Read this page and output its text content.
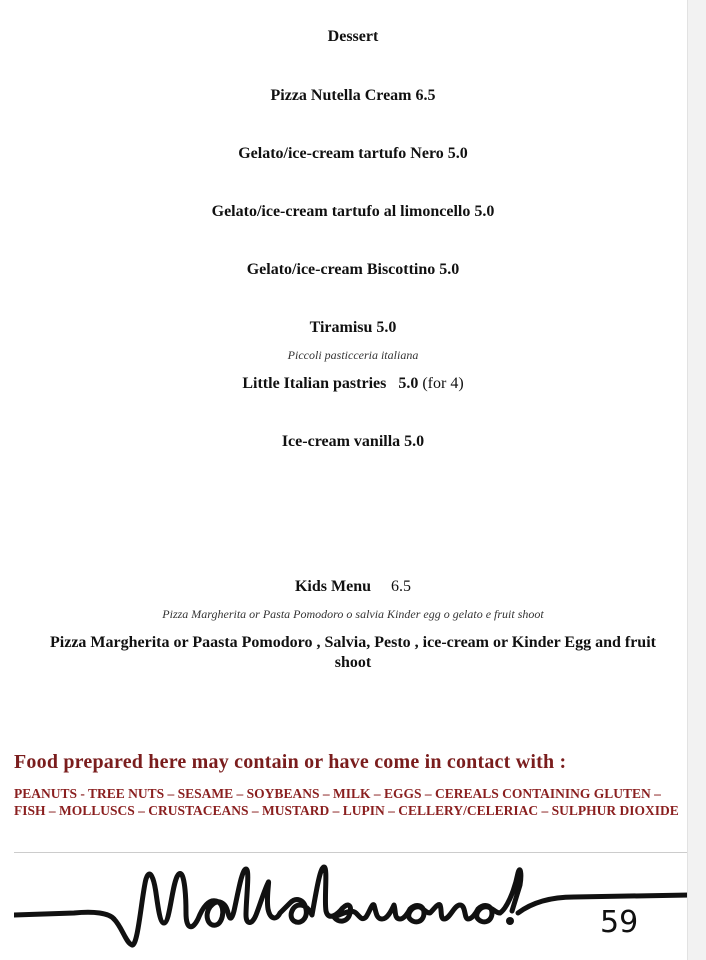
Dessert
Pizza Nutella Cream 6.5
Gelato/ice-cream tartufo Nero 5.0
Gelato/ice-cream tartufo al limoncello 5.0
Gelato/ice-cream Biscottino 5.0
Tiramisu 5.0
Piccoli pasticceria italiana
Little Italian pastries 5.0 (for 4)
Ice-cream vanilla 5.0
Kids Menu 6.5
Pizza Margherita or Pasta Pomodoro o salvia Kinder egg o gelato e fruit shoot
Pizza Margherita or Paasta Pomodoro , Salvia, Pesto , ice-cream or Kinder Egg and fruit
shoot
Food prepared here may contain or have come in contact with :
PEANUTS - TREE NUTS – SESAME – SOYBEANS – MILK – EGGS – CEREALS CONTAINING GLUTEN – FISH – MOLLUSCS – CRUSTACEANS – MUSTARD – LUPIN – CELLERY/CELERIAC – SULPHUR DIOXIDE
59
